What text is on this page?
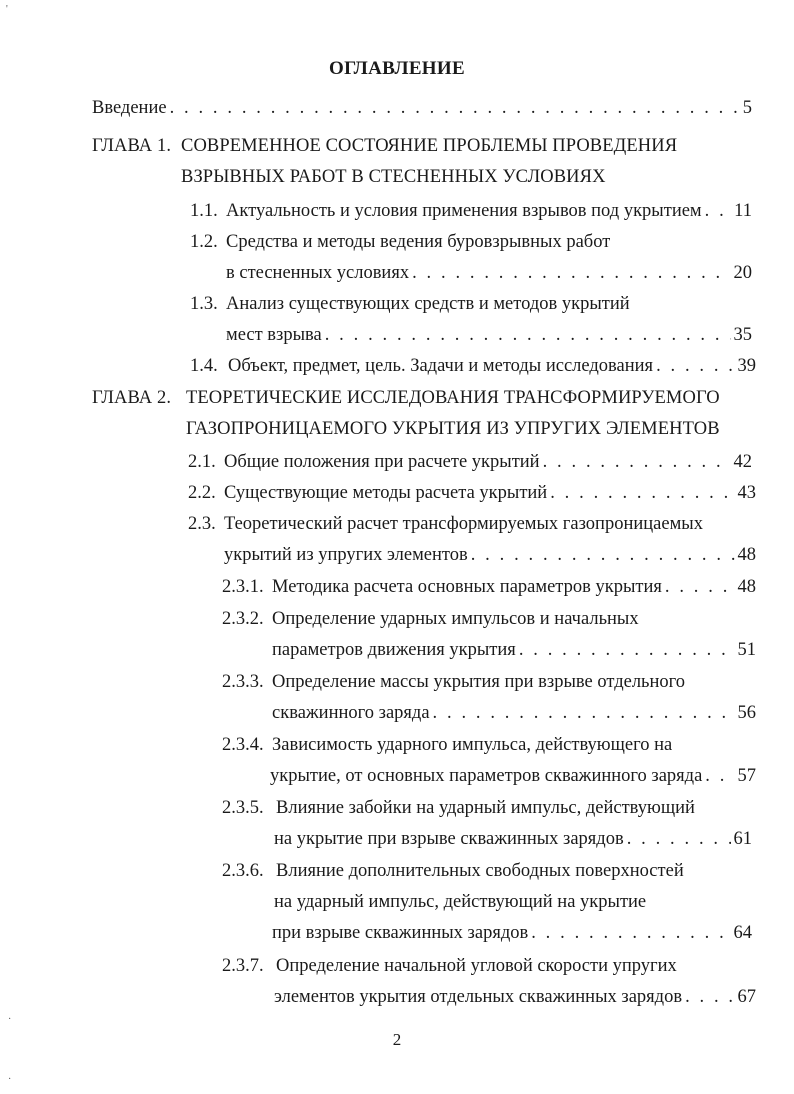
'
ОГЛАВЛЕНИЕ
Введение . . .	5
ГЛАВА 1. СОВРЕМЕННОЕ СОСТОЯНИЕ ПРОБЛЕМЫ ПРОВЕДЕНИЯ
ВЗРЫВНЫХ РАБОТ В СТЕСНЕННЫХ УСЛОВИЯХ
1.1. Актуальность и условия применения взрывов под укрытием . . . 11
1.2. Средства и методы ведения буровзрывных работ
в стесненных условиях . . .	20
1.3. Анализ существующих средств и методов укрытий
мест взрыва . . .	35
1.4. Объект, предмет, цель. Задачи и методы исследования . . .	39
ГЛАВА 2. ТЕОРЕТИЧЕСКИЕ ИССЛЕДОВАНИЯ ТРАНСФОРМИРУЕМОГО
ГАЗОПРОНИЦАЕМОГО УКРЫТИЯ ИЗ УПРУГИХ ЭЛЕМЕНТОВ
2.1. Общие положения при расчете укрытий . . .	42
2.2. Существующие методы расчета укрытий . . .	43
2.3. Теоретический расчет трансформируемых газопроницаемых
укрытий из упругих элементов . . .	48
2.3.1. Методика расчета основных параметров укрытия . . .	48
2.3.2. Определение ударных импульсов и начальных
параметров движения укрытия . . .	51
2.3.3. Определение массы укрытия при взрыве отдельного
скважинного заряда . . .	56
2.3.4. Зависимость ударного импульса, действующего на
укрытие, от основных параметров скважинного заряда . . . 57
2.3.5. Влияние забойки на ударный импульс, действующий
на укрытие при взрыве скважинных зарядов . . .	61
2.3.6. Влияние дополнительных свободных поверхностей
на ударный импульс, действующий на укрытие
при взрыве скважинных зарядов . . .	64
2.3.7. Определение начальной угловой скорости упругих
элементов укрытия отдельных скважинных зарядов . . .	67
2
·
·
